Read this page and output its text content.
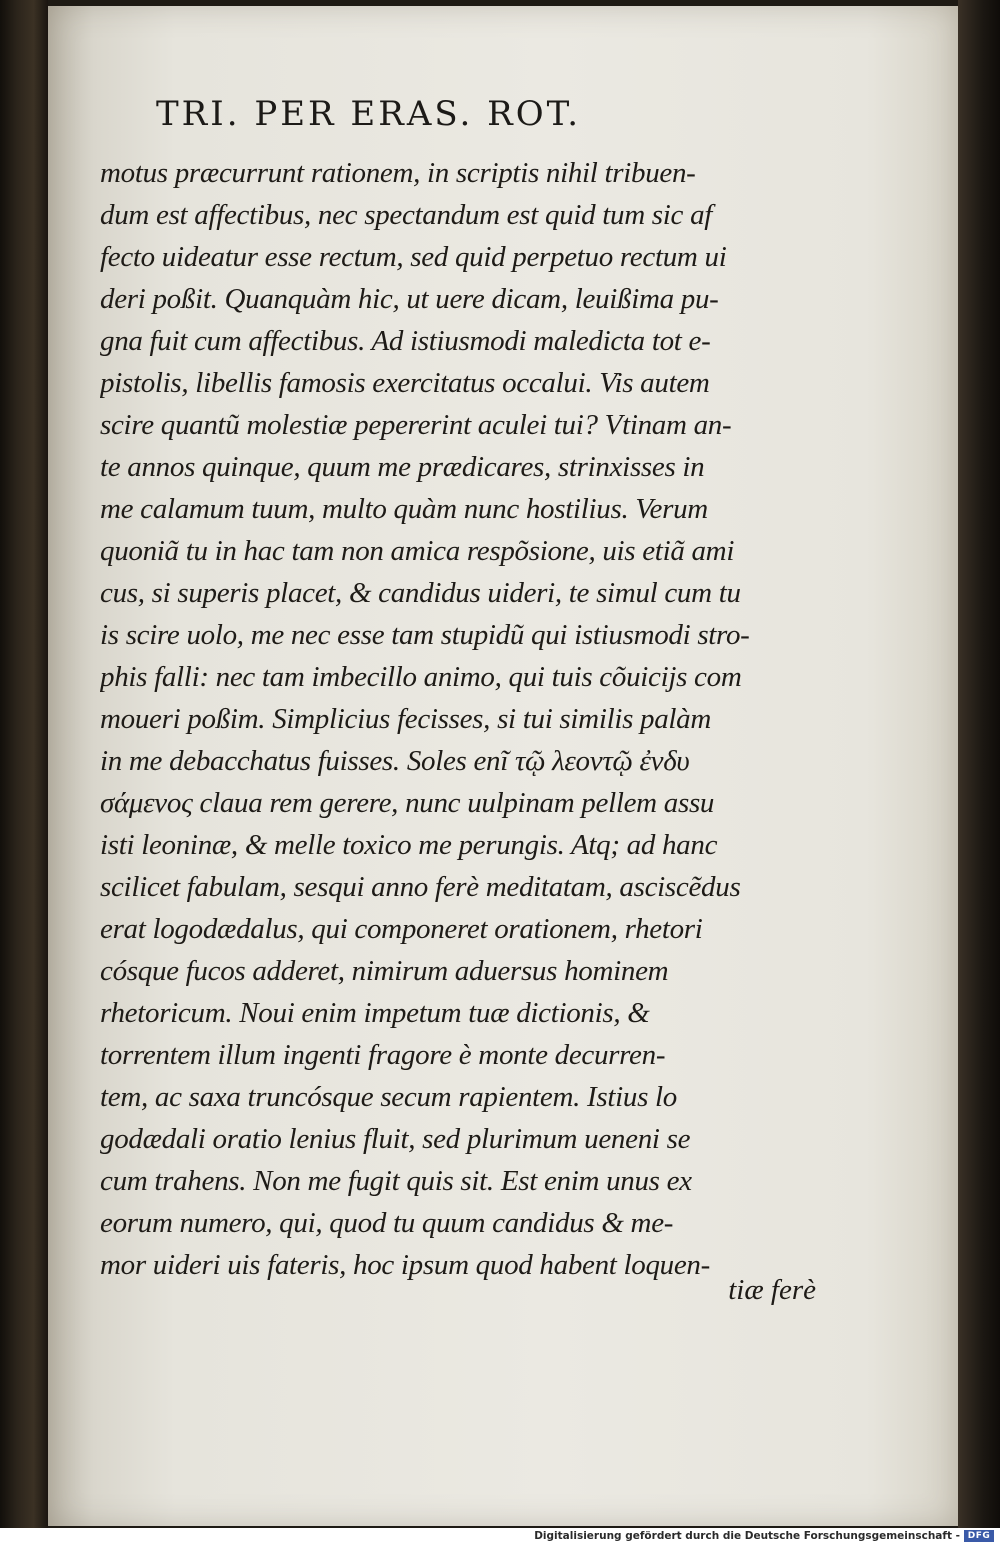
TRI. PER ERAS. ROT.
motus præcurrunt rationem, in scriptis nihil tribuen-
dum est affectibus, nec spectandum est quid tum sic af
fecto uideatur esse rectum, sed quid perpetuo rectum ui
deri poßit. Quanquàm hic, ut uere dicam, leuißima pu-
gna fuit cum affectibus. Ad istiusmodi maledicta tot e-
pistolis, libellis famosis exercitatus occalui. Vis autem
scire quantũ molestiæ pepererint aculei tui? Vtinam an-
te annos quinque, quum me prædicares, strinxisses in
me calamum tuum, multo quàm nunc hostilius. Verum
quoniã tu in hac tam non amica respõsione, uis etiã ami
cus, si superis placet, & candidus uideri, te simul cum tu
is scire uolo, me nec esse tam stupidũ qui istiusmodi stro-
phis falli: nec tam imbecillo animo, qui tuis cõuicijs com
moueri poßim. Simplicius fecisses, si tui similis palàm
in me debacchatus fuisses. Soles enĩ τῷ λεοντῷ ἐνδυ
σάμενος claua rem gerere, nunc uulpinam pellem assu
isti leoninæ, & melle toxico me perungis. Atq; ad hanc
scilicet fabulam, sesqui anno ferè meditatam, asciscẽdus
erat logodædalus, qui componeret orationem, rhetori
cósque fucos adderet, nimirum aduersus hominem
rhetoricum. Noui enim impetum tuæ dictionis, &
torrentem illum ingenti fragore è monte decurren-
tem, ac saxa truncósque secum rapientem. Istius lo
godædali oratio lenius fluit, sed plurimum ueneni se
cum trahens. Non me fugit quis sit. Est enim unus ex
eorum numero, qui, quod tu quum candidus & me-
mor uideri uis fateris, hoc ipsum quod habent loquen-
tiæ ferè
Digitalisierung gefördert durch die Deutsche Forschungsgemeinschaft - DFG
